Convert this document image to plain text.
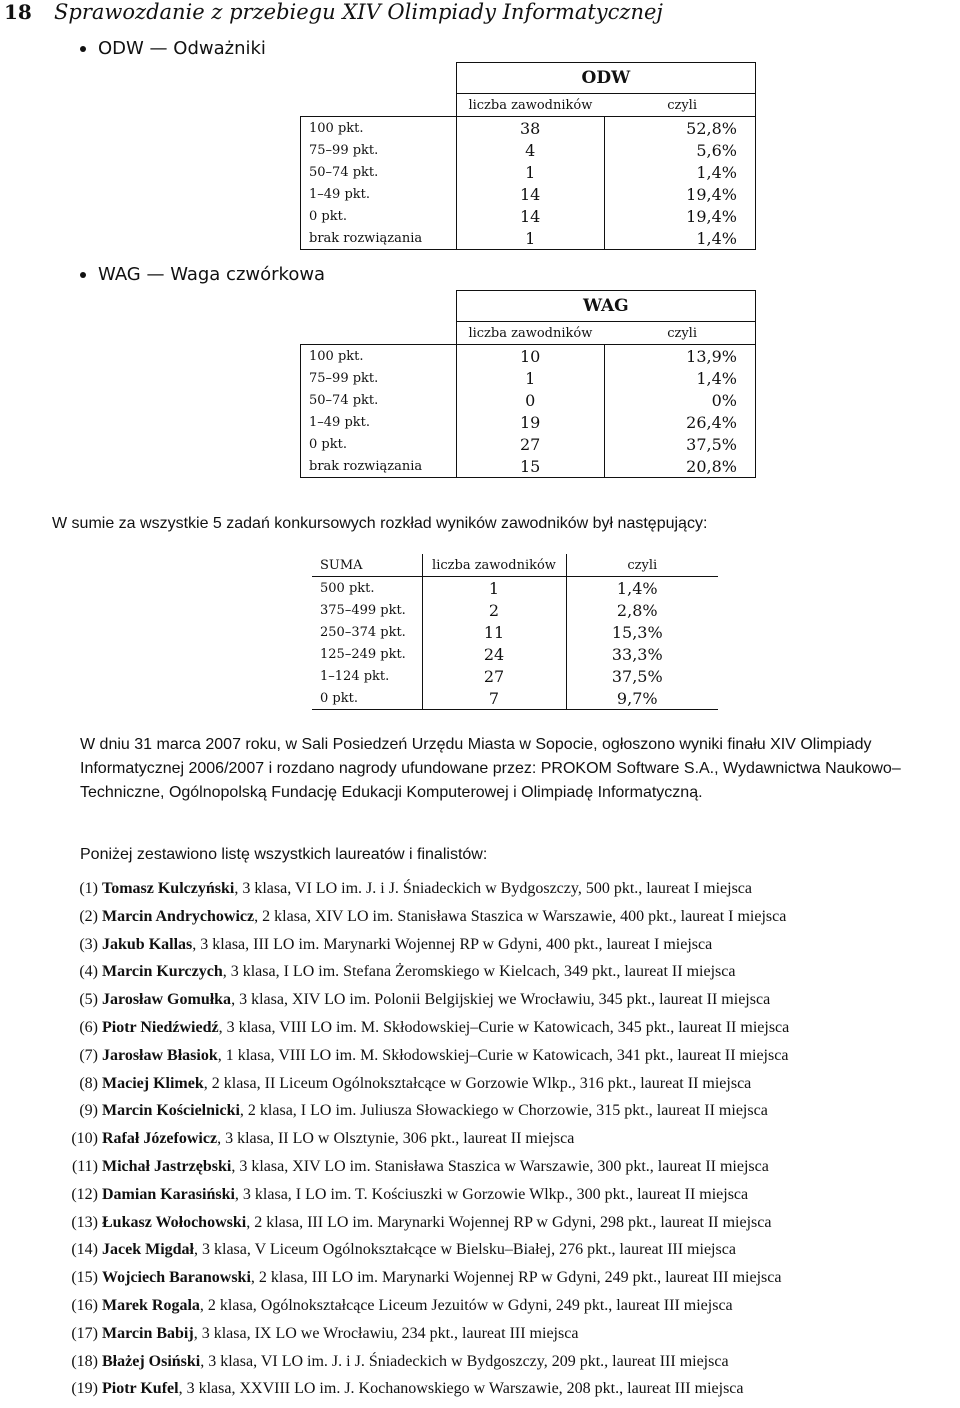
18 Sprawozdanie z przebiegu XIV Olimpiady Informatycznej
ODW — Odważniki
	ODW	
	liczba zawodników	czyli
100 pkt.	38	52,8%
75–99 pkt.	4	5,6%
50–74 pkt.	1	1,4%
1–49 pkt.	14	19,4%
0 pkt.	14	19,4%
brak rozwiązania	1	1,4%
WAG — Waga czwórkowa
	WAG	
	liczba zawodników	czyli
100 pkt.	10	13,9%
75–99 pkt.	1	1,4%
50–74 pkt.	0	0%
1–49 pkt.	19	26,4%
0 pkt.	27	37,5%
brak rozwiązania	15	20,8%
W sumie za wszystkie 5 zadań konkursowych rozkład wyników zawodników był następujący:
SUMA	liczba zawodników	czyli
500 pkt.	1	1,4%
375–499 pkt.	2	2,8%
250–374 pkt.	11	15,3%
125–249 pkt.	24	33,3%
1–124 pkt.	27	37,5%
0 pkt.	7	9,7%
W dniu 31 marca 2007 roku, w Sali Posiedzeń Urzędu Miasta w Sopocie, ogłoszono wyniki finału XIV Olimpiady Informatycznej 2006/2007 i rozdano nagrody ufundowane przez: PROKOM Software S.A., Wydawnictwa Naukowo–Techniczne, Ogólnopolską Fundację Edukacji Komputerowej i Olimpiadę Informatyczną.
Poniżej zestawiono listę wszystkich laureatów i finalistów:
(1) Tomasz Kulczyński, 3 klasa, VI LO im. J. i J. Śniadeckich w Bydgoszczy, 500 pkt., laureat I miejsca
(2) Marcin Andrychowicz, 2 klasa, XIV LO im. Stanisława Staszica w Warszawie, 400 pkt., laureat I miejsca
(3) Jakub Kallas, 3 klasa, III LO im. Marynarki Wojennej RP w Gdyni, 400 pkt., laureat I miejsca
(4) Marcin Kurczych, 3 klasa, I LO im. Stefana Żeromskiego w Kielcach, 349 pkt., laureat II miejsca
(5) Jarosław Gomułka, 3 klasa, XIV LO im. Polonii Belgijskiej we Wrocławiu, 345 pkt., laureat II miejsca
(6) Piotr Niedźwiedź, 3 klasa, VIII LO im. M. Skłodowskiej–Curie w Katowicach, 345 pkt., laureat II miejsca
(7) Jarosław Błasiok, 1 klasa, VIII LO im. M. Skłodowskiej–Curie w Katowicach, 341 pkt., laureat II miejsca
(8) Maciej Klimek, 2 klasa, II Liceum Ogólnokształcące w Gorzowie Wlkp., 316 pkt., laureat II miejsca
(9) Marcin Kościelnicki, 2 klasa, I LO im. Juliusza Słowackiego w Chorzowie, 315 pkt., laureat II miejsca
(10) Rafał Józefowicz, 3 klasa, II LO w Olsztynie, 306 pkt., laureat II miejsca
(11) Michał Jastrzębski, 3 klasa, XIV LO im. Stanisława Staszica w Warszawie, 300 pkt., laureat II miejsca
(12) Damian Karasiński, 3 klasa, I LO im. T. Kościuszki w Gorzowie Wlkp., 300 pkt., laureat II miejsca
(13) Łukasz Wołochowski, 2 klasa, III LO im. Marynarki Wojennej RP w Gdyni, 298 pkt., laureat II miejsca
(14) Jacek Migdał, 3 klasa, V Liceum Ogólnokształcące w Bielsku–Białej, 276 pkt., laureat III miejsca
(15) Wojciech Baranowski, 2 klasa, III LO im. Marynarki Wojennej RP w Gdyni, 249 pkt., laureat III miejsca
(16) Marek Rogala, 2 klasa, Ogólnokształcące Liceum Jezuitów w Gdyni, 249 pkt., laureat III miejsca
(17) Marcin Babij, 3 klasa, IX LO we Wrocławiu, 234 pkt., laureat III miejsca
(18) Błażej Osiński, 3 klasa, VI LO im. J. i J. Śniadeckich w Bydgoszczy, 209 pkt., laureat III miejsca
(19) Piotr Kufel, 3 klasa, XXVIII LO im. J. Kochanowskiego w Warszawie, 208 pkt., laureat III miejsca
